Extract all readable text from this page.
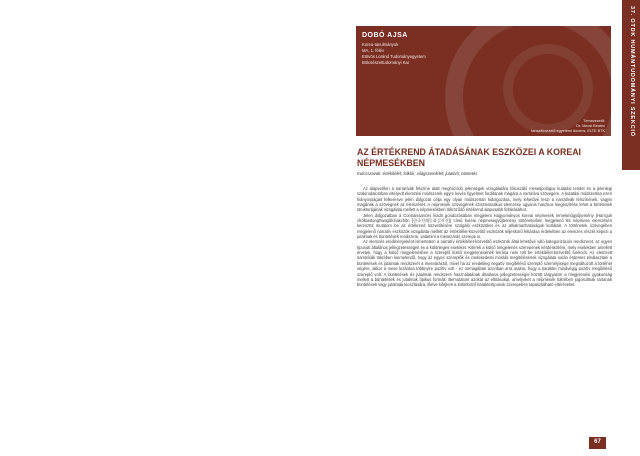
DOBÓ AJSA
Korea-tanulmányok
MA, 1. félév
Eötvös Loránd Tudományegyetem
Bölcsészettudományi Kar
Témavezető:
Dr. Mecsi Beatrix
tanszékvezető egyetemi docens, ELTE BTK	37. OTDK HUMÁNTUDOMÁNYI SZEKCIÓ
AZ ÉRTÉKREND ÁTADÁSÁNAK ESZKÖZEI A KOREAI
NÉPMESÉKBEN
Kulcsszavak: értékítélet; folklór; világszemlélet; jutalom; büntetés

Az alapvetően a narratívák felszíne alatt meghúzódó jelenségek vizsgálatára fókuszáló mesetipológiai kutatási terület és a jelenlegi szakirodalomban elterjedt elemzési módszerek egyre kevés figyelmet fordítanak magára a narratíva szövegére. A kutatási módszertan ezen hiányosságait felkeresve jelen dolgozat célja egy olyan módszertan kidolgozása, mely lehetővé teszi a narratívák felszínének, vagyis magának a szövegnek az elemzését. A népmesék szövegének szisztematikus elemzése ugyanis hasznos kiegészítése lehet a történetek strukturájának vizsgálata mellett a népmesékben tükröződő értékrend alaposabb feltárásához.

Jelen dolgozatban a Connaissances kiadó gondozásában megjelent Hagyományos koreai népmesék remekműgyűjtemény (Han'guk chŏllaedonghwagŏlchakchŏn [한국전래동화걸작선]) című koreai népmesegyűjtemény történeteiben megjelenő 65 népmese elemzésén keresztül mutatom be az értékrend közvetítésére szolgáló eszközöket és az alkalmazhatóságuk korlátait. A történetek szövegében megjelenő narratív eszközök vizsgálata mellett az értékítélet-közvetítő eszközök teljeskörű feltárása érdekében az elemzés részét képezi a jutalmak és büntetések rendszere, valamint a mesezárás szerepe is.

Az elemzés eredményeként ismertetem a narratív értékítélet-közvetítő eszközök által lehetővé váló kategorizációs rendszeret, az egyes típusok általános jellegzetességeit és a különleges eseteket. Kiterek a külső megjelenés szerepének kérdéskörére, mely esetekben amellett érvelek, hogy a külső megjelenésben a szereplő külső megjelenésének leírása nem tölt be értékítélet-közvetítő funkciót. Az elemzett narratívák tükrében kiemelendő, hogy az egyes szereplők és cselekedetei morális megítélésének vizsgálata során érdemes elválasztani a büntetések és jutalmak rendszerét a meseárástól, mivel ha az eredetileg negatív megítélésű szereplő személyisége megváltozott a történet végére, akkor a mese lezárása többnyire pozitív volt - ez onmagában azonban arra utalna, hogy a karakter mindvégig pozitív megítélésű szereplő volt. A büntetések és jutalmak rendszere használatának általános jellegzetességei között tárgyalom a megjelenési gyakoriság mellett a büntetések és jutalmak típikus formáit. Bemutatom azokat az eltitásokat, amelyeket a népmesék tükrében jogosultnak tartanak büntetések vagy jutalmak kiosztására, illetve kifejtem a különböző karaktertípusok szerepeben tapasztalható eltéréseket.

67
